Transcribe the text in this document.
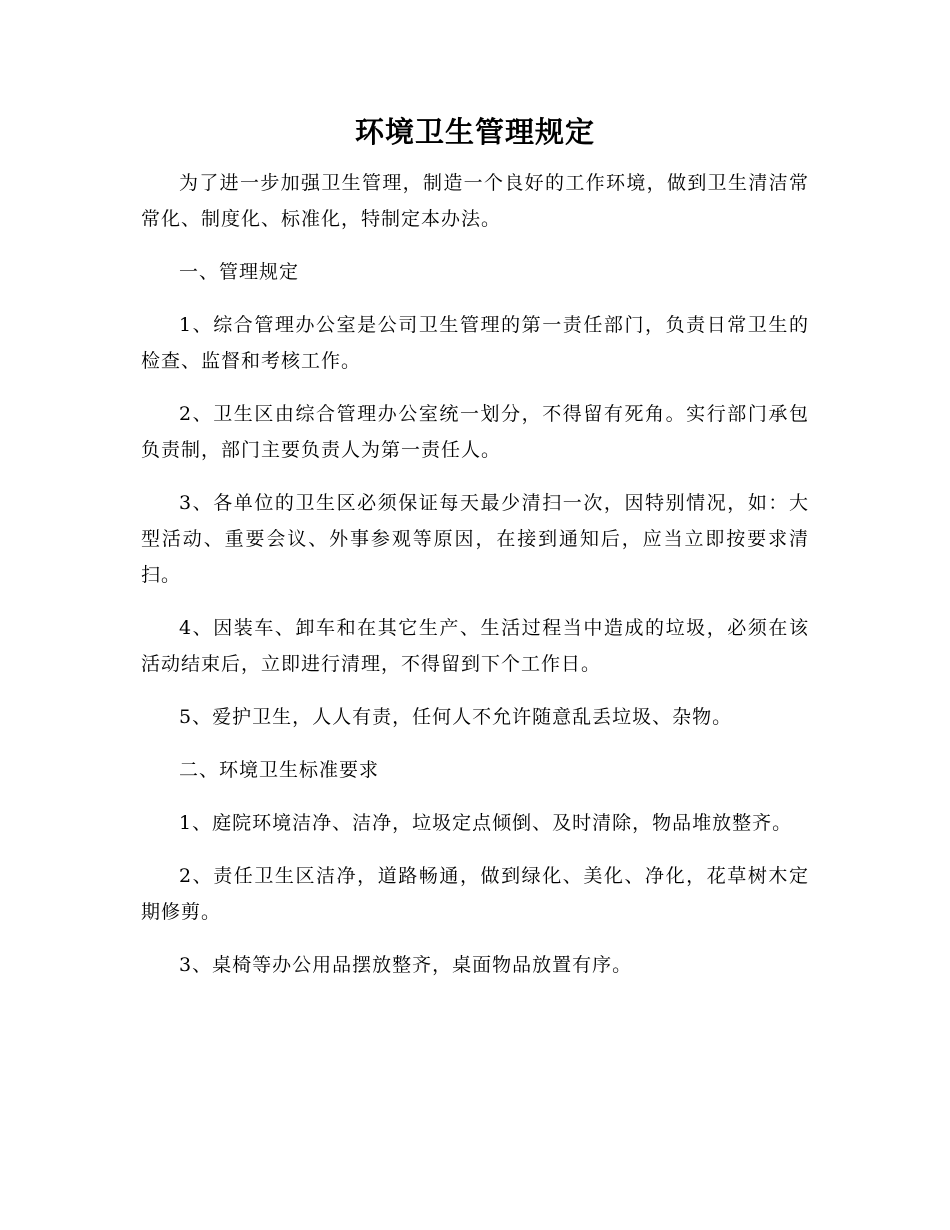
环境卫生管理规定

为了进一步加强卫生管理，制造一个良好的工作环境，做到卫生清洁常常化、制度化、标准化，特制定本办法。

一、管理规定

1、综合管理办公室是公司卫生管理的第一责任部门，负责日常卫生的检查、监督和考核工作。

2、卫生区由综合管理办公室统一划分，不得留有死角。实行部门承包负责制，部门主要负责人为第一责任人。

3、各单位的卫生区必须保证每天最少清扫一次，因特别情况，如：大型活动、重要会议、外事参观等原因，在接到通知后，应当立即按要求清扫。

4、因装车、卸车和在其它生产、生活过程当中造成的垃圾，必须在该活动结束后，立即进行清理，不得留到下个工作日。

5、爱护卫生，人人有责，任何人不允许随意乱丢垃圾、杂物。

二、环境卫生标准要求

1、庭院环境洁净、洁净，垃圾定点倾倒、及时清除，物品堆放整齐。

2、责任卫生区洁净，道路畅通，做到绿化、美化、净化，花草树木定期修剪。

3、桌椅等办公用品摆放整齐，桌面物品放置有序。
